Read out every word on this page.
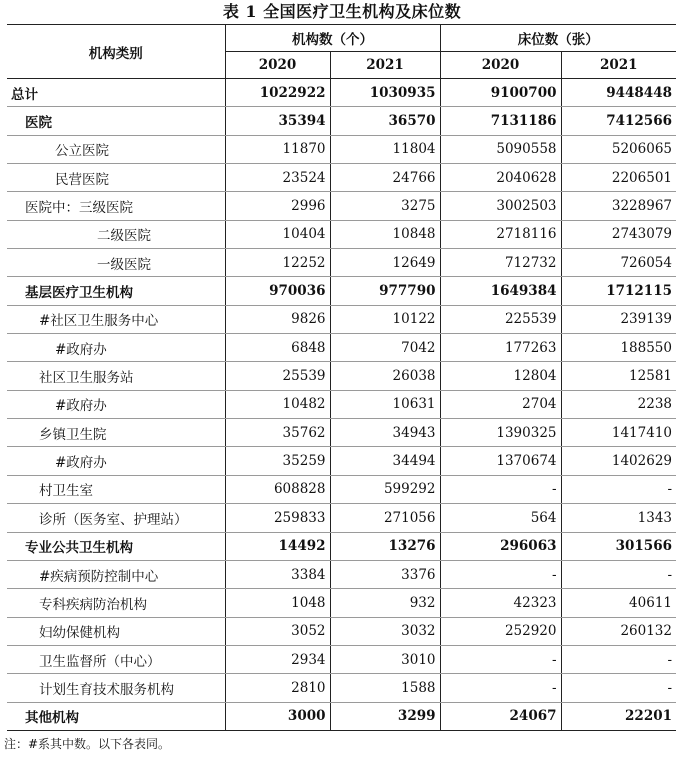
表 1 全国医疗卫生机构及床位数
机构类别	机构数（个）		床位数（张）	
	2020	2021	2020	2021
总计	1022922	1030935	9100700	9448448
医院	35394	36570	7131186	7412566
公立医院	11870	11804	5090558	5206065
民营医院	23524	24766	2040628	2206501
医院中：三级医院	2996	3275	3002503	3228967
二级医院	10404	10848	2718116	2743079
一级医院	12252	12649	712732	726054
基层医疗卫生机构	970036	977790	1649384	1712115
#社区卫生服务中心	9826	10122	225539	239139
#政府办	6848	7042	177263	188550
社区卫生服务站	25539	26038	12804	12581
#政府办	10482	10631	2704	2238
乡镇卫生院	35762	34943	1390325	1417410
#政府办	35259	34494	1370674	1402629
村卫生室	608828	599292	-	-
诊所（医务室、护理站）	259833	271056	564	1343
专业公共卫生机构	14492	13276	296063	301566
#疾病预防控制中心	3384	3376	-	-
专科疾病防治机构	1048	932	42323	40611
妇幼保健机构	3052	3032	252920	260132
卫生监督所（中心）	2934	3010	-	-
计划生育技术服务机构	2810	1588	-	-
其他机构	3000	3299	24067	22201
注：#系其中数。以下各表同。
